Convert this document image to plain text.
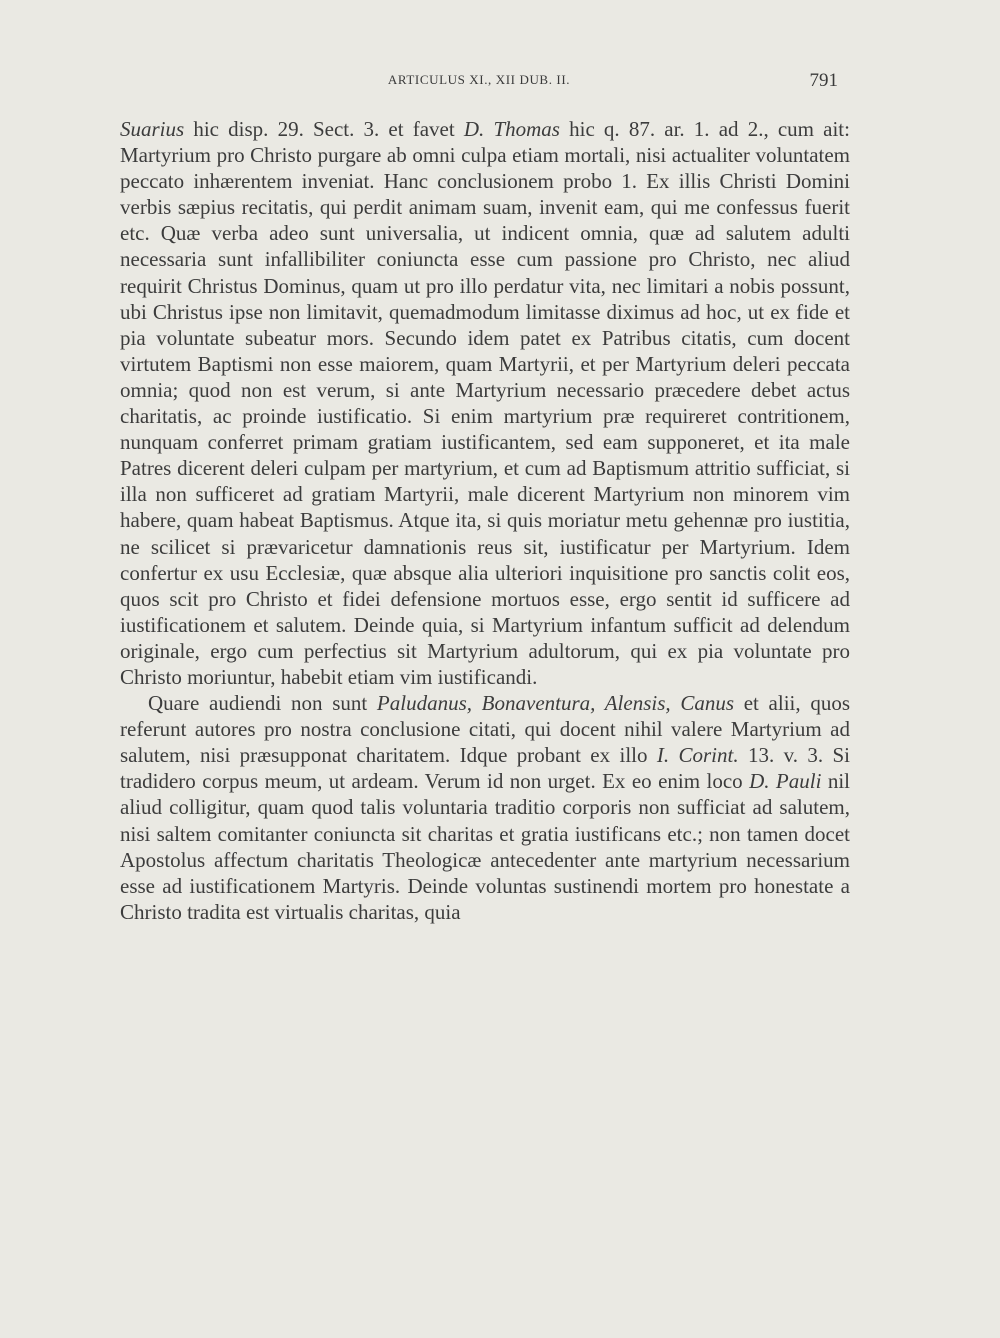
ARTICULUS XI., XII DUB. II.	791

Suarius hic disp. 29. Sect. 3. et favet D. Thomas hic q. 87. ar. 1. ad 2., cum ait: Martyrium pro Christo purgare ab omni culpa etiam mortali, nisi actualiter voluntatem peccato inhærentem inveniat. Hanc conclusionem probo 1. Ex illis Christi Domini verbis sæpius recitatis, qui perdit animam suam, invenit eam, qui me confessus fuerit etc. Quæ verba adeo sunt universalia, ut indicent omnia, quæ ad salutem adulti necessaria sunt infallibiliter coniuncta esse cum passione pro Christo, nec aliud requirit Christus Dominus, quam ut pro illo perdatur vita, nec limitari a nobis possunt, ubi Christus ipse non limitavit, quemadmodum limitasse diximus ad hoc, ut ex fide et pia voluntate subeatur mors. Secundo idem patet ex Patribus citatis, cum docent virtutem Baptismi non esse maiorem, quam Martyrii, et per Martyrium deleri peccata omnia; quod non est verum, si ante Martyrium necessario præcedere debet actus charitatis, ac proinde iustificatio. Si enim martyrium præ requireret contritionem, nunquam conferret primam gratiam iustificantem, sed eam supponeret, et ita male Patres dicerent deleri culpam per martyrium, et cum ad Baptismum attritio sufficiat, si illa non sufficeret ad gratiam Martyrii, male dicerent Martyrium non minorem vim habere, quam habeat Baptismus. Atque ita, si quis moriatur metu gehennæ pro iustitia, ne scilicet si prævaricetur damnationis reus sit, iustificatur per Martyrium. Idem confertur ex usu Ecclesiæ, quæ absque alia ulteriori inquisitione pro sanctis colit eos, quos scit pro Christo et fidei defensione mortuos esse, ergo sentit id sufficere ad iustificationem et salutem. Deinde quia, si Martyrium infantum sufficit ad delendum originale, ergo cum perfectius sit Martyrium adultorum, qui ex pia voluntate pro Christo moriuntur, habebit etiam vim iustificandi.

Quare audiendi non sunt Paludanus, Bonaventura, Alensis, Canus et alii, quos referunt autores pro nostra conclusione citati, qui docent nihil valere Martyrium ad salutem, nisi præsupponat charitatem. Idque probant ex illo I. Corint. 13. v. 3. Si tradidero corpus meum, ut ardeam. Verum id non urget. Ex eo enim loco D. Pauli nil aliud colligitur, quam quod talis voluntaria traditio corporis non sufficiat ad salutem, nisi saltem comitanter coniuncta sit charitas et gratia iustificans etc.; non tamen docet Apostolus affectum charitatis Theologicæ antecedenter ante martyrium necessarium esse ad iustificationem Martyris. Deinde voluntas sustinendi mortem pro honestate a Christo tradita est virtualis charitas, quia
